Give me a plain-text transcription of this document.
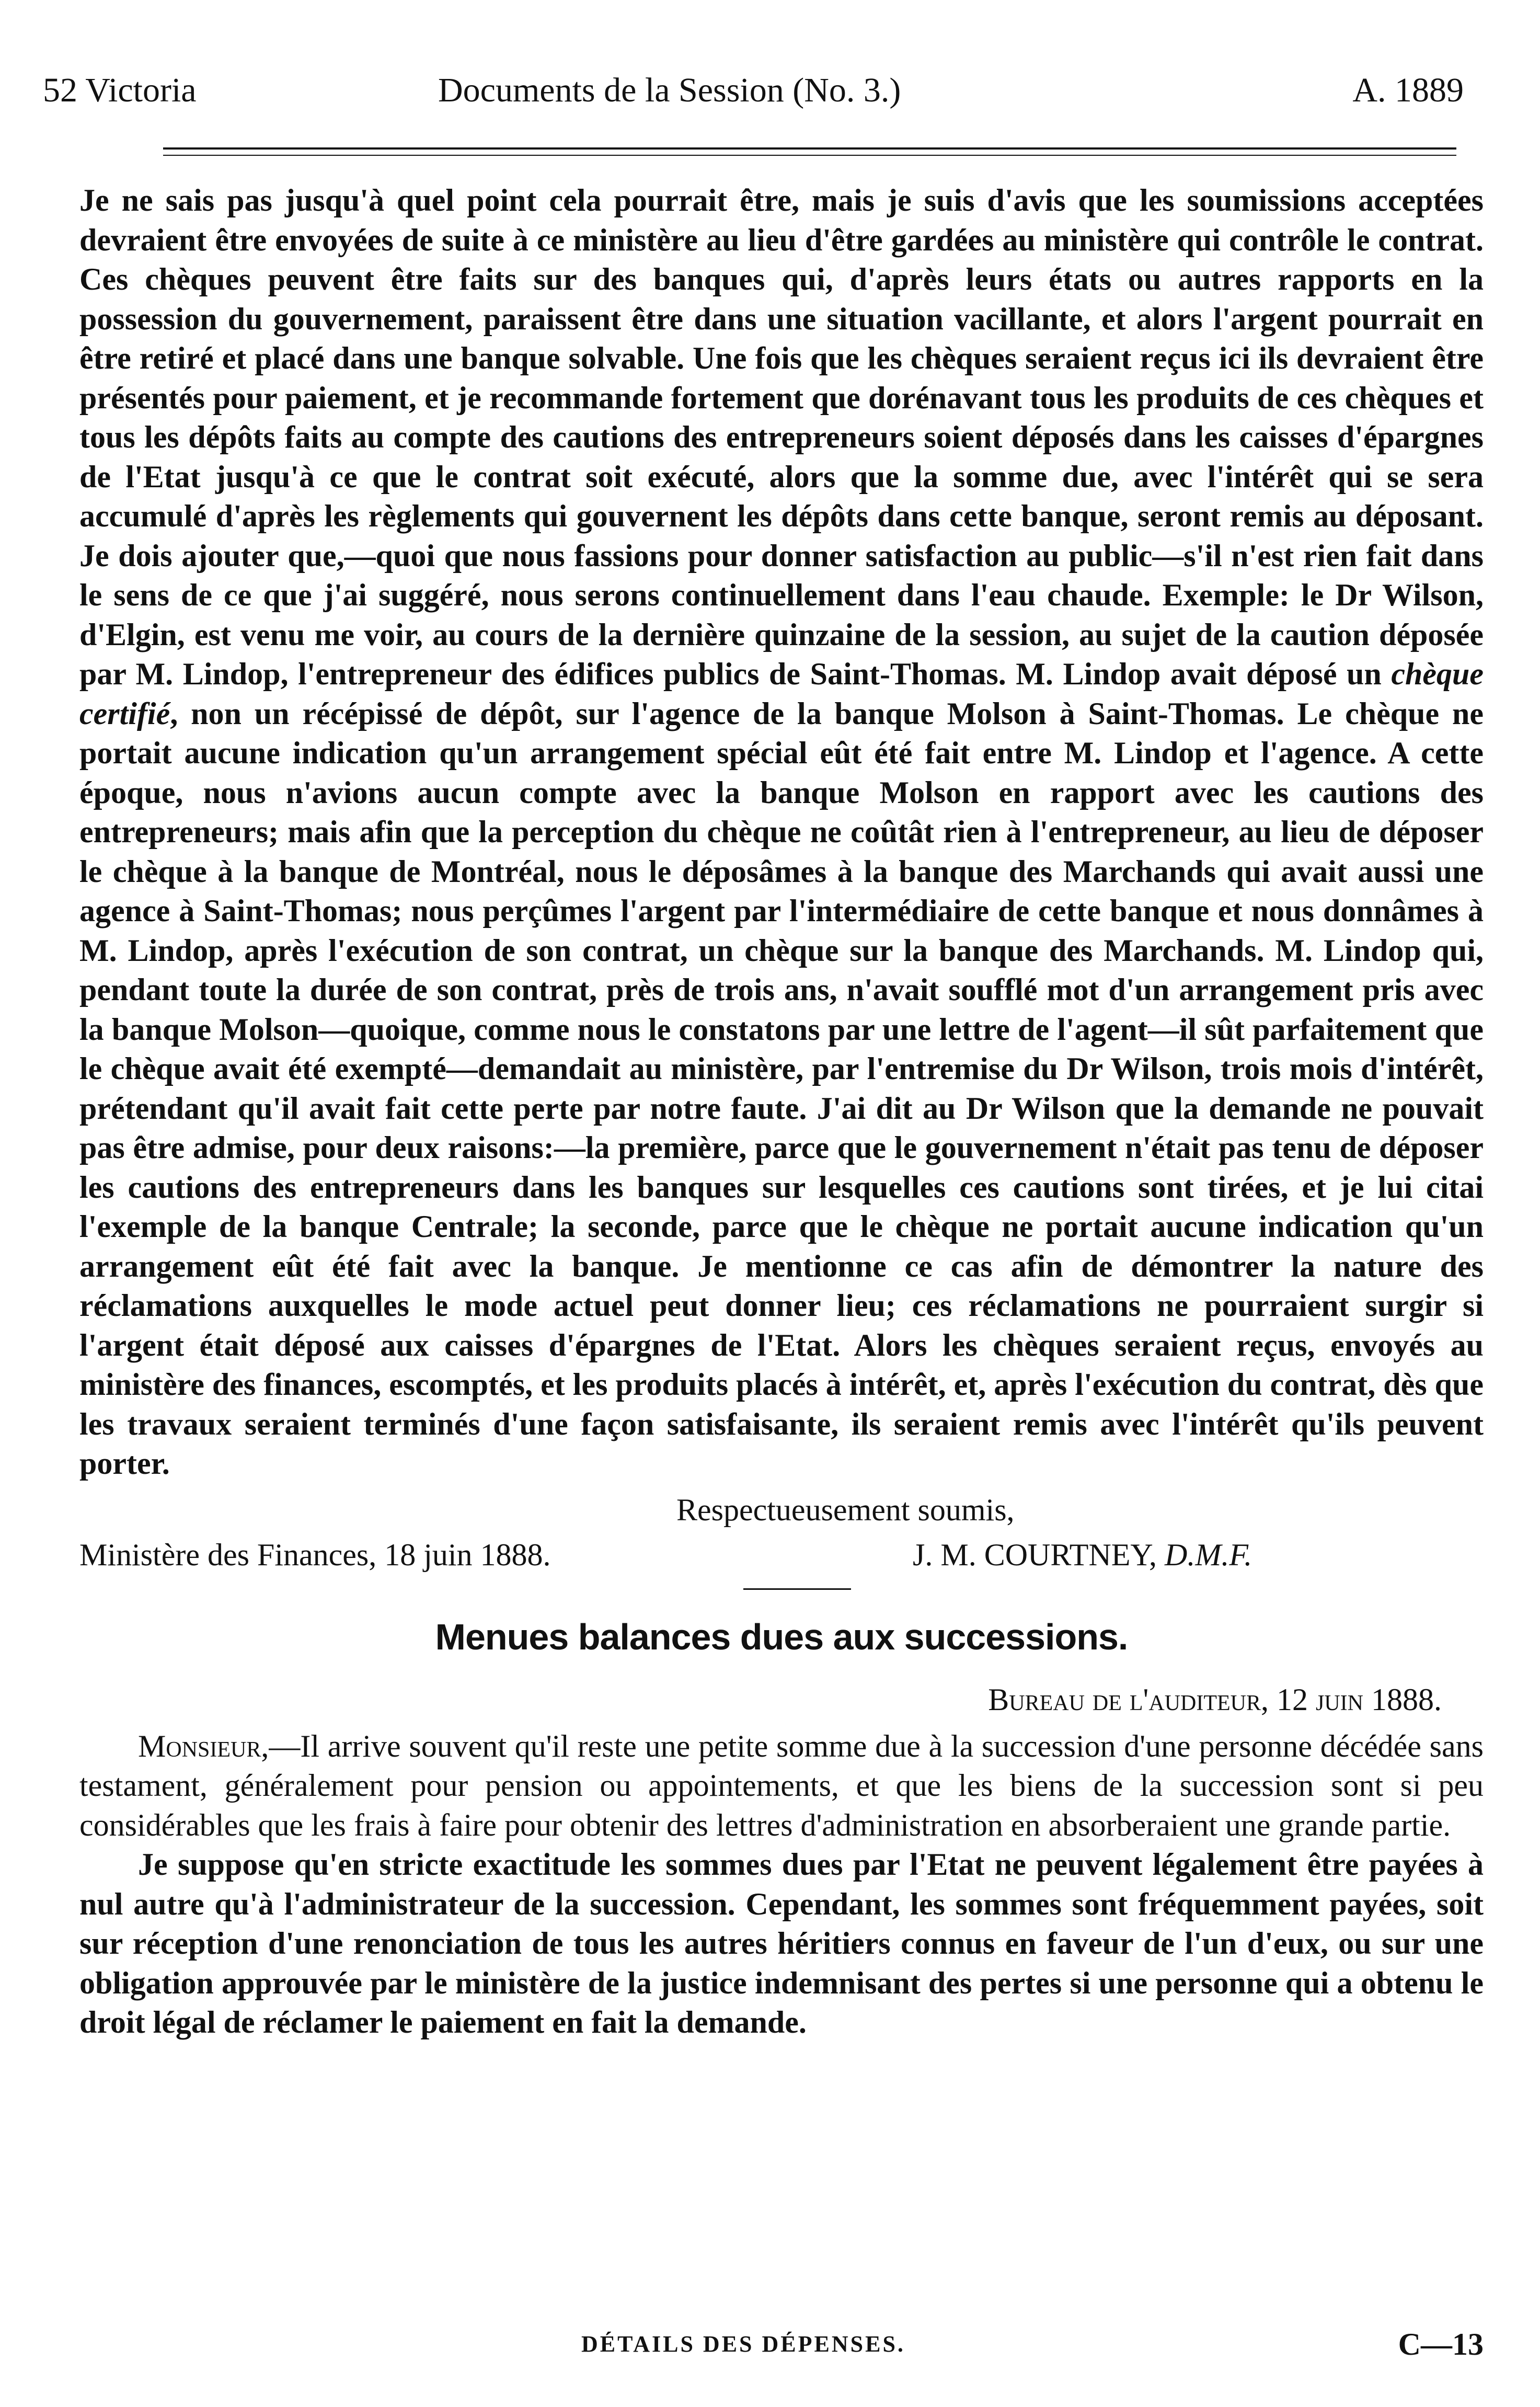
52 Victoria	Documents de la Session (No. 3.)	A. 1889

Je ne sais pas jusqu'à quel point cela pourrait être, mais je suis d'avis que les soumissions acceptées devraient être envoyées de suite à ce ministère au lieu d'être gardées au ministère qui contrôle le contrat. Ces chèques peuvent être faits sur des banques qui, d'après leurs états ou autres rapports en la possession du gouvernement, paraissent être dans une situation vacillante, et alors l'argent pourrait en être retiré et placé dans une banque solvable. Une fois que les chèques seraient reçus ici ils devraient être présentés pour paiement, et je recommande fortement que dorénavant tous les produits de ces chèques et tous les dépôts faits au compte des cautions des entrepreneurs soient déposés dans les caisses d'épargnes de l'Etat jusqu'à ce que le contrat soit exécuté, alors que la somme due, avec l'intérêt qui se sera accumulé d'après les règlements qui gouvernent les dépôts dans cette banque, seront remis au déposant. Je dois ajouter que,—quoi que nous fassions pour donner satisfaction au public—s'il n'est rien fait dans le sens de ce que j'ai suggéré, nous serons continuellement dans l'eau chaude. Exemple: le Dr Wilson, d'Elgin, est venu me voir, au cours de la dernière quinzaine de la session, au sujet de la caution déposée par M. Lindop, l'entrepreneur des édifices publics de Saint-Thomas. M. Lindop avait déposé un chèque certifié, non un récépissé de dépôt, sur l'agence de la banque Molson à Saint-Thomas. Le chèque ne portait aucune indication qu'un arrangement spécial eût été fait entre M. Lindop et l'agence. A cette époque, nous n'avions aucun compte avec la banque Molson en rapport avec les cautions des entrepreneurs; mais afin que la perception du chèque ne coûtât rien à l'entrepreneur, au lieu de déposer le chèque à la banque de Montréal, nous le déposâmes à la banque des Marchands qui avait aussi une agence à Saint-Thomas; nous perçûmes l'argent par l'intermédiaire de cette banque et nous donnâmes à M. Lindop, après l'exécution de son contrat, un chèque sur la banque des Marchands. M. Lindop qui, pendant toute la durée de son contrat, près de trois ans, n'avait soufflé mot d'un arrangement pris avec la banque Molson—quoique, comme nous le constatons par une lettre de l'agent—il sût parfaitement que le chèque avait été exempté—demandait au ministère, par l'entremise du Dr Wilson, trois mois d'intérêt, prétendant qu'il avait fait cette perte par notre faute. J'ai dit au Dr Wilson que la demande ne pouvait pas être admise, pour deux raisons:—la première, parce que le gouvernement n'était pas tenu de déposer les cautions des entrepreneurs dans les banques sur lesquelles ces cautions sont tirées, et je lui citai l'exemple de la banque Centrale; la seconde, parce que le chèque ne portait aucune indication qu'un arrangement eût été fait avec la banque. Je mentionne ce cas afin de démontrer la nature des réclamations auxquelles le mode actuel peut donner lieu; ces réclamations ne pourraient surgir si l'argent était déposé aux caisses d'épargnes de l'Etat. Alors les chèques seraient reçus, envoyés au ministère des finances, escomptés, et les produits placés à intérêt, et, après l'exécution du contrat, dès que les travaux seraient terminés d'une façon satisfaisante, ils seraient remis avec l'intérêt qu'ils peuvent porter.

Respectueusement soumis,
Ministère des Finances, 18 juin 1888.	J. M. COURTNEY, D.M.F.
Menues balances dues aux successions.
Bureau de l'auditeur, 12 juin 1888.

Monsieur,—Il arrive souvent qu'il reste une petite somme due à la succession d'une personne décédée sans testament, généralement pour pension ou appointements, et que les biens de la succession sont si peu considérables que les frais à faire pour obtenir des lettres d'administration en absorberaient une grande partie.

Je suppose qu'en stricte exactitude les sommes dues par l'Etat ne peuvent légalement être payées à nul autre qu'à l'administrateur de la succession. Cependant, les sommes sont fréquemment payées, soit sur réception d'une renonciation de tous les autres héritiers connus en faveur de l'un d'eux, ou sur une obligation approuvée par le ministère de la justice indemnisant des pertes si une personne qui a obtenu le droit légal de réclamer le paiement en fait la demande.

DÉTAILS DES DÉPENSES.	C—13
